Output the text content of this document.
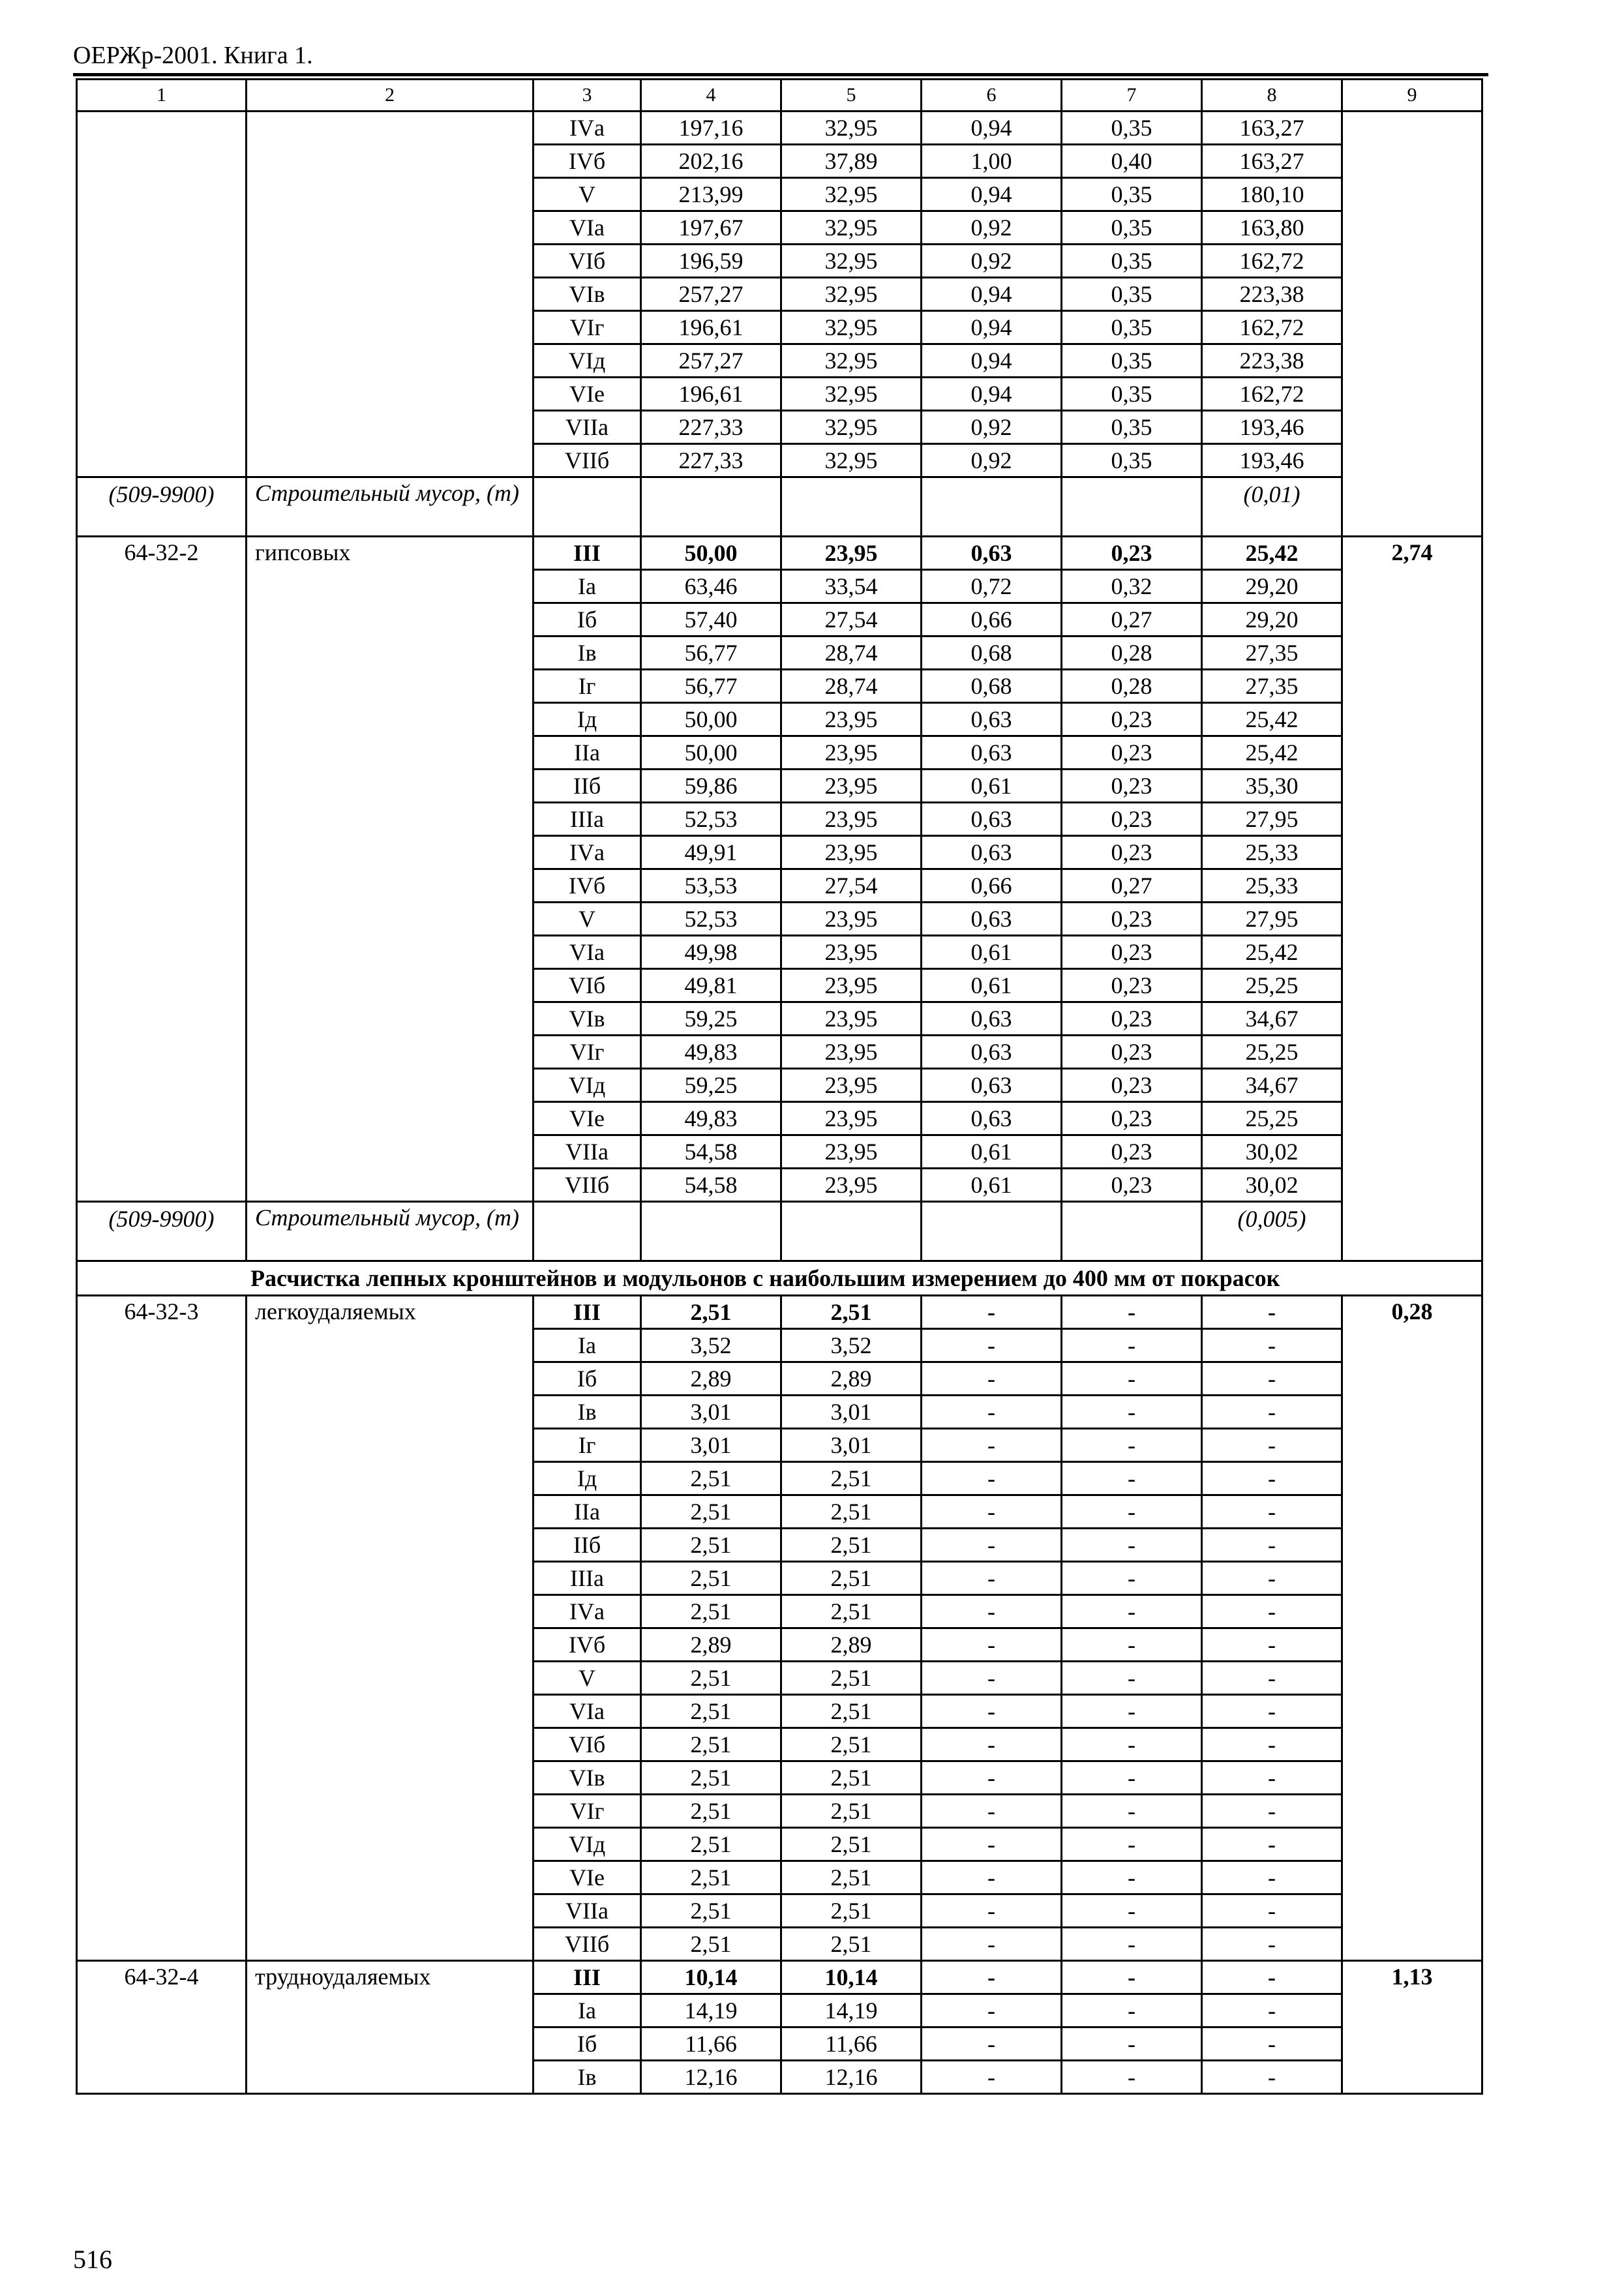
ОЕРЖр-2001. Книга 1.
1	2	3	4	5	6	7	8	9
		IVа	197,16	32,95	0,94	0,35	163,27	
		IVб	202,16	37,89	1,00	0,40	163,27	
		V	213,99	32,95	0,94	0,35	180,10	
		VIа	197,67	32,95	0,92	0,35	163,80	
		VIб	196,59	32,95	0,92	0,35	162,72	
		VIв	257,27	32,95	0,94	0,35	223,38	
		VIг	196,61	32,95	0,94	0,35	162,72	
		VIд	257,27	32,95	0,94	0,35	223,38	
		VIе	196,61	32,95	0,94	0,35	162,72	
		VIIа	227,33	32,95	0,92	0,35	193,46	
		VIIб	227,33	32,95	0,92	0,35	193,46	
(509-9900)	Строительный мусор, (т)						(0,01)	
64-32-2	гипсовых	III	50,00	23,95	0,63	0,23	25,42	2,74
		Iа	63,46	33,54	0,72	0,32	29,20	
		Iб	57,40	27,54	0,66	0,27	29,20	
		Iв	56,77	28,74	0,68	0,28	27,35	
		Iг	56,77	28,74	0,68	0,28	27,35	
		Iд	50,00	23,95	0,63	0,23	25,42	
		IIа	50,00	23,95	0,63	0,23	25,42	
		IIб	59,86	23,95	0,61	0,23	35,30	
		IIIа	52,53	23,95	0,63	0,23	27,95	
		IVа	49,91	23,95	0,63	0,23	25,33	
		IVб	53,53	27,54	0,66	0,27	25,33	
		V	52,53	23,95	0,63	0,23	27,95	
		VIа	49,98	23,95	0,61	0,23	25,42	
		VIб	49,81	23,95	0,61	0,23	25,25	
		VIв	59,25	23,95	0,63	0,23	34,67	
		VIг	49,83	23,95	0,63	0,23	25,25	
		VIд	59,25	23,95	0,63	0,23	34,67	
		VIе	49,83	23,95	0,63	0,23	25,25	
		VIIа	54,58	23,95	0,61	0,23	30,02	
		VIIб	54,58	23,95	0,61	0,23	30,02	
(509-9900)	Строительный мусор, (т)						(0,005)	
Расчистка лепных кронштейнов и модульонов с наибольшим измерением до 400 мм от покрасок								
64-32-3	легкоудаляемых	III	2,51	2,51	-	-	-	0,28
		Iа	3,52	3,52	-	-	-	
		Iб	2,89	2,89	-	-	-	
		Iв	3,01	3,01	-	-	-	
		Iг	3,01	3,01	-	-	-	
		Iд	2,51	2,51	-	-	-	
		IIа	2,51	2,51	-	-	-	
		IIб	2,51	2,51	-	-	-	
		IIIа	2,51	2,51	-	-	-	
		IVа	2,51	2,51	-	-	-	
		IVб	2,89	2,89	-	-	-	
		V	2,51	2,51	-	-	-	
		VIа	2,51	2,51	-	-	-	
		VIб	2,51	2,51	-	-	-	
		VIв	2,51	2,51	-	-	-	
		VIг	2,51	2,51	-	-	-	
		VIд	2,51	2,51	-	-	-	
		VIе	2,51	2,51	-	-	-	
		VIIа	2,51	2,51	-	-	-	
		VIIб	2,51	2,51	-	-	-	
64-32-4	трудноудаляемых	III	10,14	10,14	-	-	-	1,13
		Iа	14,19	14,19	-	-	-	
		Iб	11,66	11,66	-	-	-	
		Iв	12,16	12,16	-	-	-	
516
